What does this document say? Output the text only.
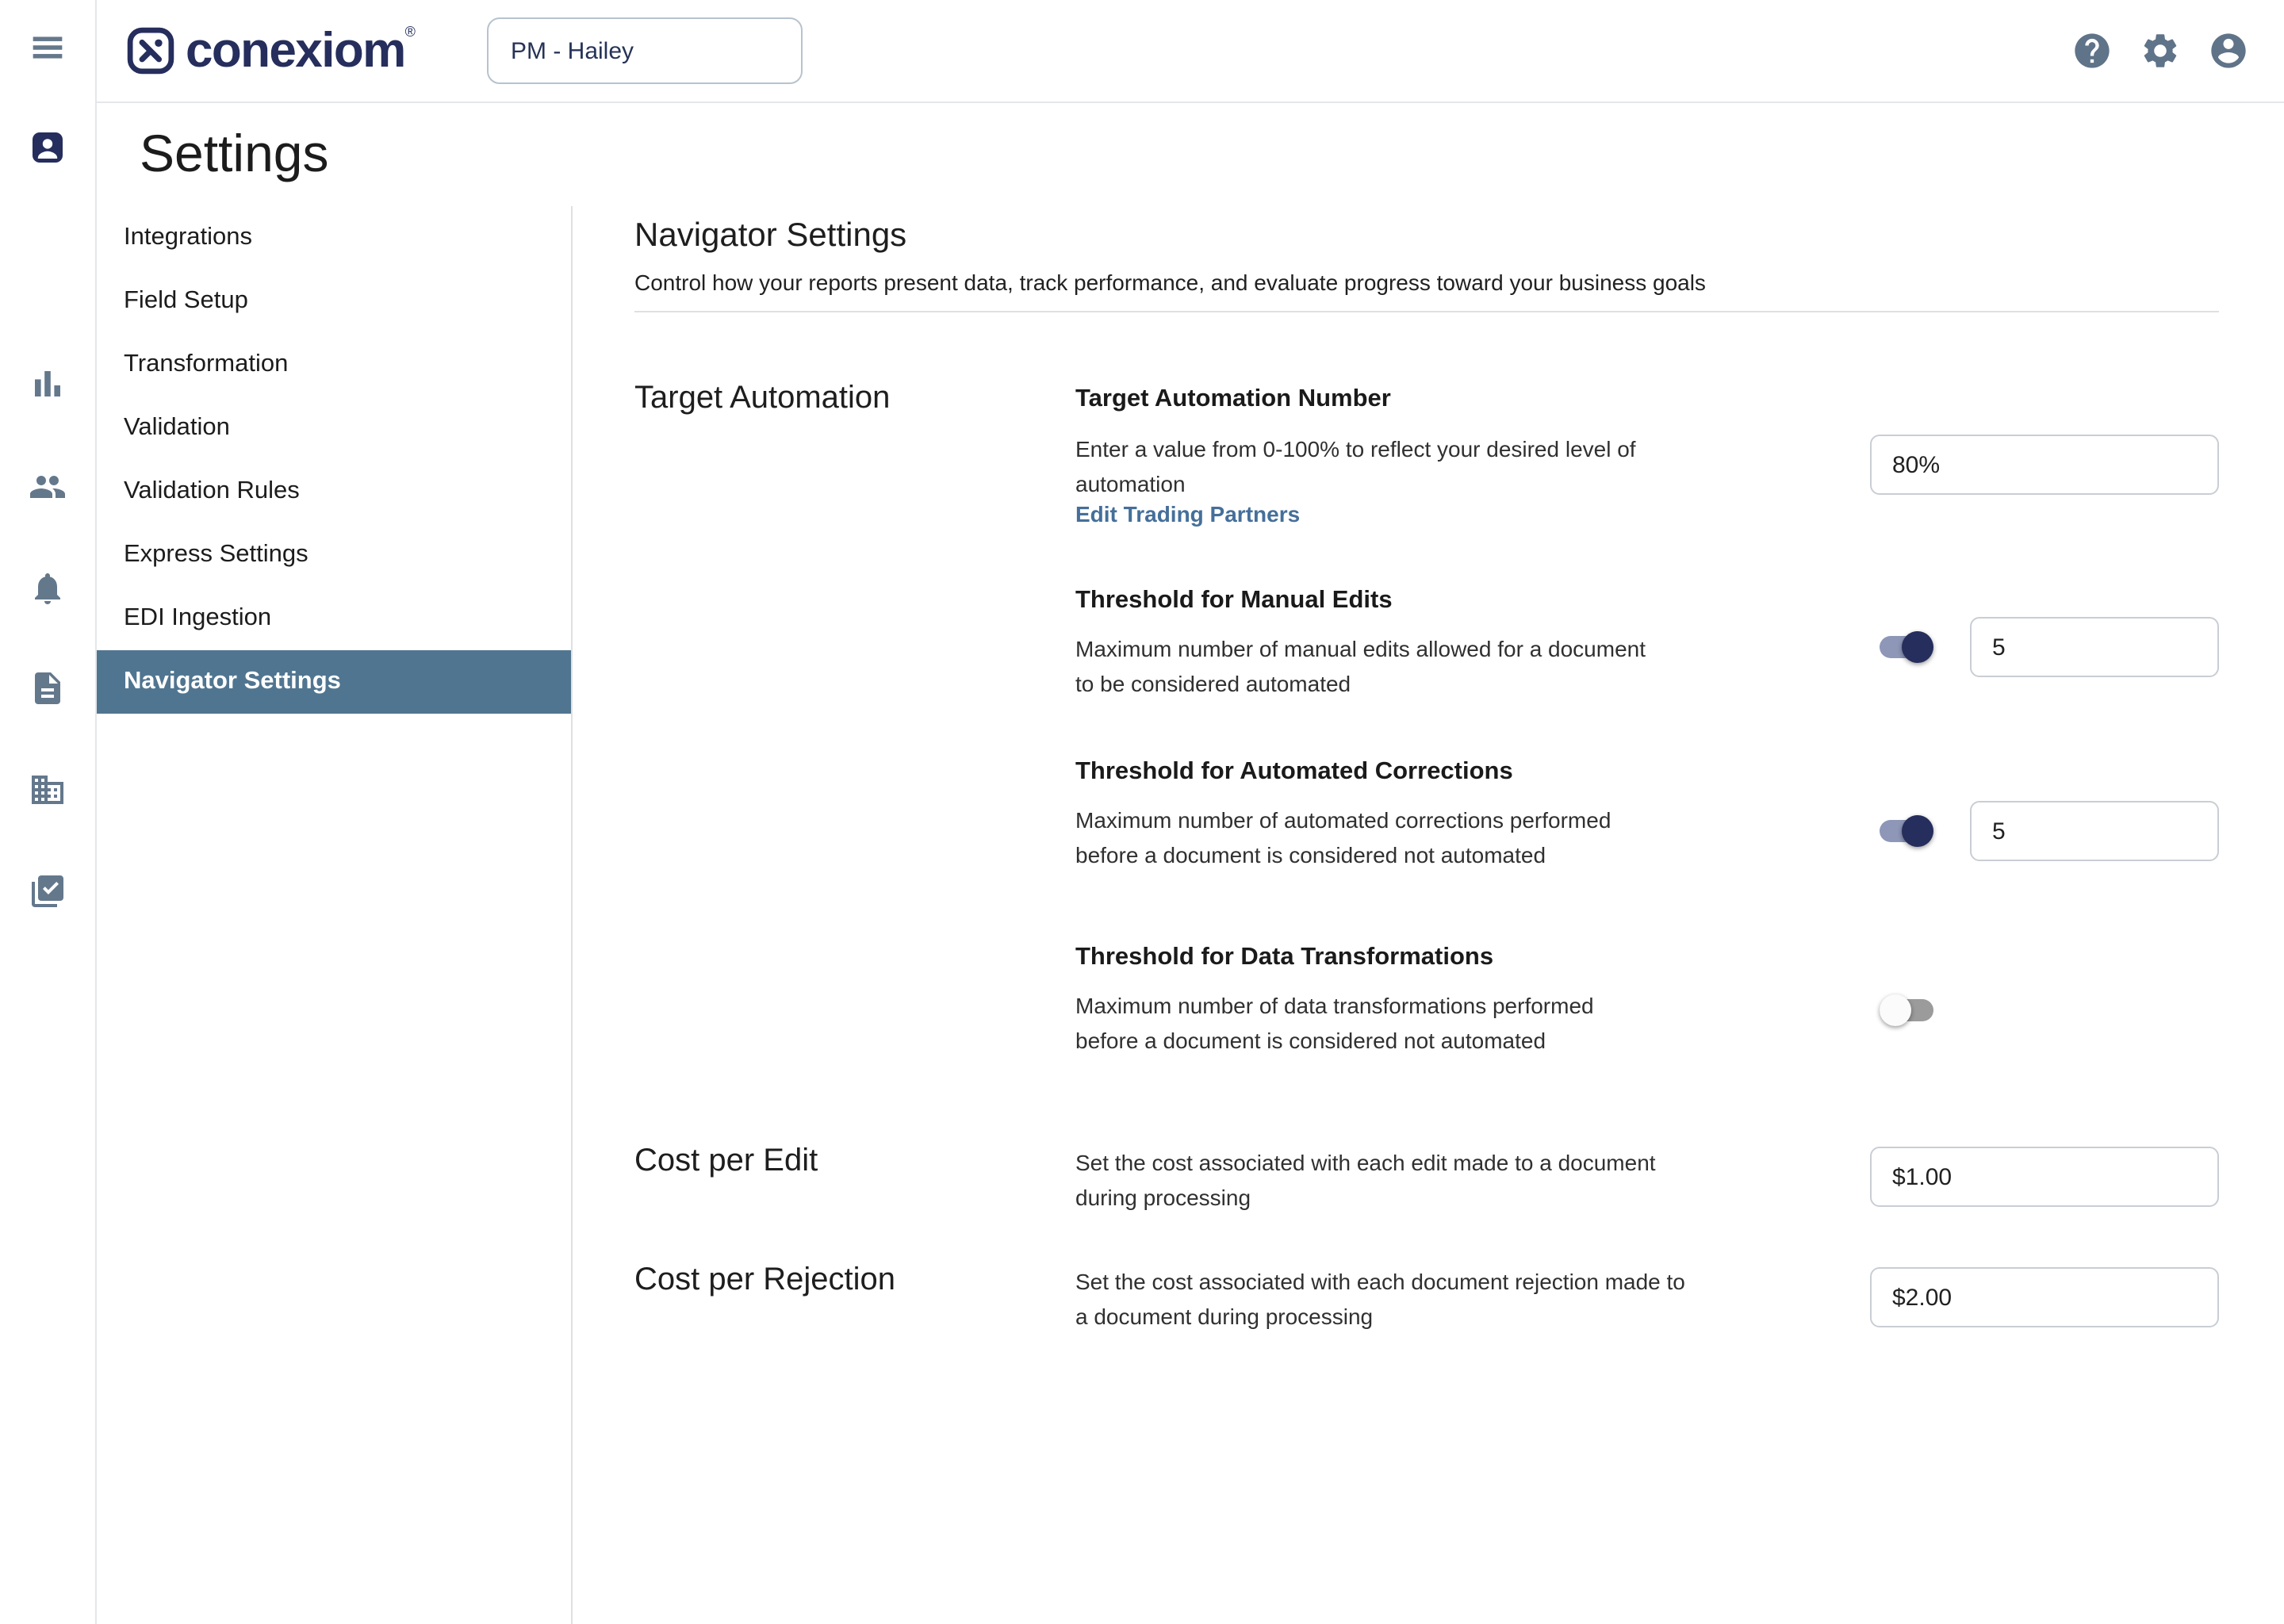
conexiom ®
PM - Hailey
Settings
Integrations
Field Setup
Transformation
Validation
Validation Rules
Express Settings
EDI Ingestion
Navigator Settings
Navigator Settings

Control how your reports present data, track performance, and evaluate progress toward your business goals

Target Automation	Target Automation Number
Enter a value from 0-100% to reflect your desired level of automation
Edit Trading Partners
80%
Threshold for Manual Edits
Maximum number of manual edits allowed for a document to be considered automated
5
Threshold for Automated Corrections
Maximum number of automated corrections performed before a document is considered not automated
5
Threshold for Data Transformations
Maximum number of data transformations performed before a document is considered not automated
Cost per Edit	Set the cost associated with each edit made to a document during processing
$1.00
Cost per Rejection	Set the cost associated with each document rejection made to a document during processing
$2.00
